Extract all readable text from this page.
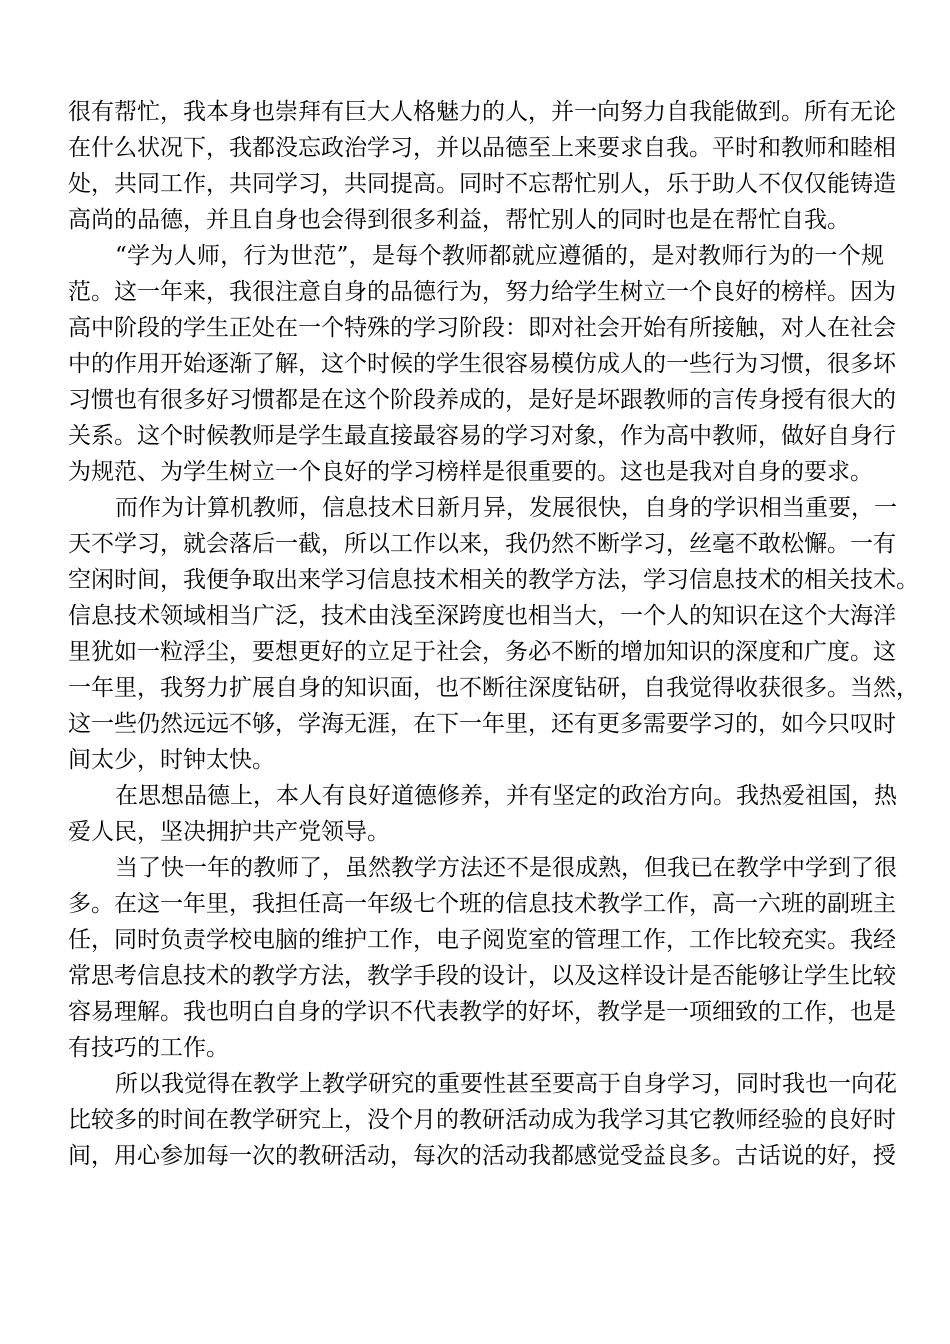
很有帮忙，我本身也崇拜有巨大人格魅力的人，并一向努力自我能做到。所有无论
在什么状况下，我都没忘政治学习，并以品德至上来要求自我。平时和教师和睦相
处，共同工作，共同学习，共同提高。同时不忘帮忙别人，乐于助人不仅仅能铸造
高尚的品德，并且自身也会得到很多利益，帮忙别人的同时也是在帮忙自我。
“学为人师，行为世范”，是每个教师都就应遵循的，是对教师行为的一个规
范。这一年来，我很注意自身的品德行为，努力给学生树立一个良好的榜样。因为
高中阶段的学生正处在一个特殊的学习阶段：即对社会开始有所接触，对人在社会
中的作用开始逐渐了解，这个时候的学生很容易模仿成人的一些行为习惯，很多坏
习惯也有很多好习惯都是在这个阶段养成的，是好是坏跟教师的言传身授有很大的
关系。这个时候教师是学生最直接最容易的学习对象，作为高中教师，做好自身行
为规范、为学生树立一个良好的学习榜样是很重要的。这也是我对自身的要求。
而作为计算机教师，信息技术日新月异，发展很快，自身的学识相当重要，一
天不学习，就会落后一截，所以工作以来，我仍然不断学习，丝毫不敢松懈。一有
空闲时间，我便争取出来学习信息技术相关的教学方法，学习信息技术的相关技术。
信息技术领域相当广泛，技术由浅至深跨度也相当大，一个人的知识在这个大海洋
里犹如一粒浮尘，要想更好的立足于社会，务必不断的增加知识的深度和广度。这
一年里，我努力扩展自身的知识面，也不断往深度钻研，自我觉得收获很多。当然，
这一些仍然远远不够，学海无涯，在下一年里，还有更多需要学习的，如今只叹时
间太少，时钟太快。
在思想品德上，本人有良好道德修养，并有坚定的政治方向。我热爱祖国，热
爱人民，坚决拥护共产党领导。
当了快一年的教师了，虽然教学方法还不是很成熟，但我已在教学中学到了很
多。在这一年里，我担任高一年级七个班的信息技术教学工作，高一六班的副班主
任，同时负责学校电脑的维护工作，电子阅览室的管理工作，工作比较充实。我经
常思考信息技术的教学方法，教学手段的设计，以及这样设计是否能够让学生比较
容易理解。我也明白自身的学识不代表教学的好坏，教学是一项细致的工作，也是
有技巧的工作。
所以我觉得在教学上教学研究的重要性甚至要高于自身学习，同时我也一向花
比较多的时间在教学研究上，没个月的教研活动成为我学习其它教师经验的良好时
间，用心参加每一次的教研活动，每次的活动我都感觉受益良多。古话说的好，授
